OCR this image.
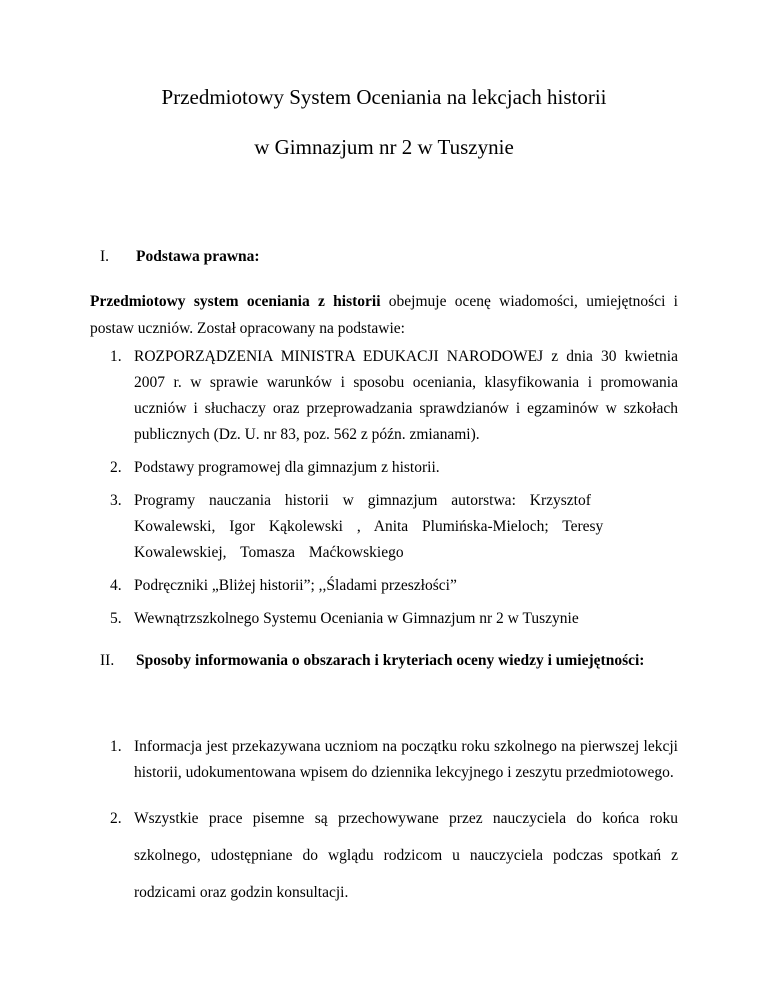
Przedmiotowy System Oceniania na lekcjach historii
w Gimnazjum nr 2 w Tuszynie
I. Podstawa prawna:
Przedmiotowy system oceniania z historii obejmuje ocenę wiadomości, umiejętności i postaw uczniów. Został opracowany na podstawie:
1. ROZPORZĄDZENIA MINISTRA EDUKACJI NARODOWEJ z dnia 30 kwietnia 2007 r. w sprawie warunków i sposobu oceniania, klasyfikowania i promowania uczniów i słuchaczy oraz przeprowadzania sprawdzianów i egzaminów w szkołach publicznych (Dz. U. nr 83, poz. 562 z późn. zmianami).
2. Podstawy programowej dla gimnazjum z historii.
3. Programy nauczania historii w gimnazjum autorstwa: Krzysztof Kowalewski, Igor Kąkolewski , Anita Plumińska-Mieloch; Teresy Kowalewskiej, Tomasza Maćkowskiego
4. Podręczniki „Bliżej historii”; ,,Śladami przeszłości”
5. Wewnątrzszkolnego Systemu Oceniania w Gimnazjum nr 2 w Tuszynie
II. Sposoby informowania o obszarach i kryteriach oceny wiedzy i umiejętności:
1. Informacja jest przekazywana uczniom na początku roku szkolnego na pierwszej lekcji historii, udokumentowana wpisem do dziennika lekcyjnego i zeszytu przedmiotowego.
2. Wszystkie prace pisemne są przechowywane przez nauczyciela do końca roku szkolnego, udostępniane do wglądu rodzicom u nauczyciela podczas spotkań z rodzicami oraz godzin konsultacji.
